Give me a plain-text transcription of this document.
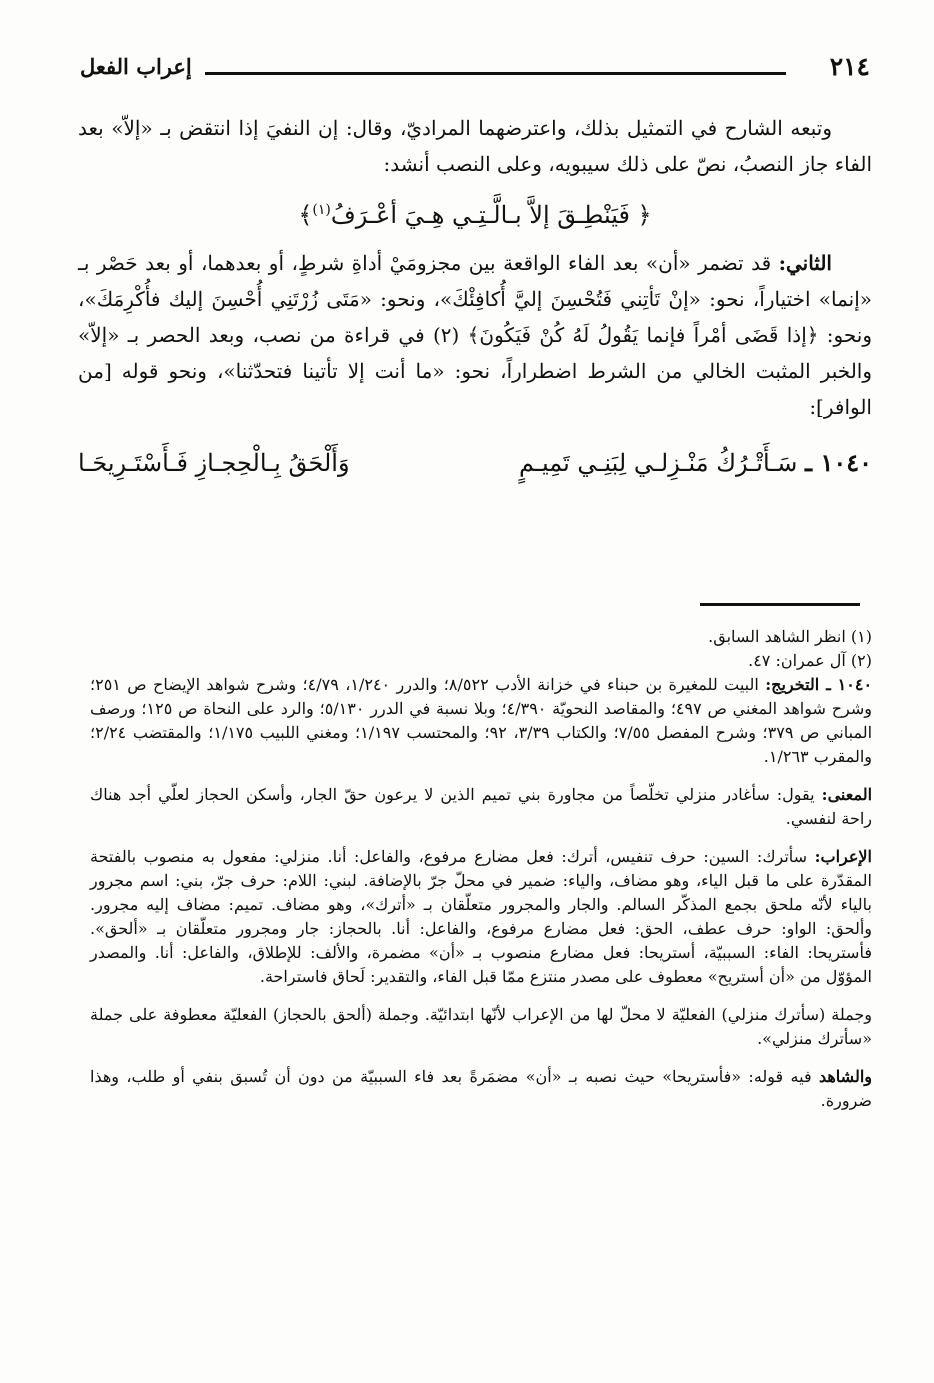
إعراب الفعل	٢١٤

وتبعه الشارح في التمثيل بذلك، واعترضهما المراديّ، وقال: إن النفيَ إذا انتقض بـ «إلاّ» بعد الفاء جاز النصبُ، نصّ على ذلك سيبويه، وعلى النصب أنشد:

﴿ فَيَنْطِـقَ إلاَّ بـالَّـتِـي هِـيَ أعْـرَفُ$^{(١)}$﴾

الثاني: قد تضمر «أن» بعد الفاء الواقعة بين مجزومَيْ أداةِ شرطٍ، أو بعدهما، أو بعد حَصْر بـ «إنما» اختياراً، نحو: «إنْ تَأتِني فَتُحْسِنَ إليَّ أُكافِئْكَ»، ونحو: «مَتَى زُرْتَنِي أُحْسِنَ إليك فأُكْرِمَكَ»، ونحو: ﴿إذا قَضَى أمْراً فإنما يَقُولُ لَهُ كُنْ فَيَكُونَ﴾ (٢) في قراءة من نصب، وبعد الحصر بـ «إلاّ» والخبر المثبت الخالي من الشرط اضطراراً، نحو: «ما أنت إلا تأتينا فتحدّثنا»، ونحو قوله [من الوافر]:

١٠٤٠ ـ سَـأَتْـرُكُ مَنْـزِلـي لِبَنِـي تَمِيـمٍ
وَأَلْحَقُ بِـالْحِجـازِ فَـأَسْتَـرِيحَـا

(١) انظر الشاهد السابق.

(٢) آل عمران: ٤٧.

١٠٤٠ ـ التخريج: البيت للمغيرة بن حبناء في خزانة الأدب ٨/٥٢٢؛ والدرر ١/٢٤٠، ٤/٧٩؛ وشرح شواهد الإيضاح ص ٢٥١؛ وشرح شواهد المغني ص ٤٩٧؛ والمقاصد النحويّة ٤/٣٩٠؛ وبلا نسبة في الدرر ٥/١٣٠؛ والرد على النحاة ص ١٢٥؛ ورصف المباني ص ٣٧٩؛ وشرح المفصل ٧/٥٥؛ والكتاب ٣/٣٩، ٩٢؛ والمحتسب ١/١٩٧؛ ومغني اللبيب ١/١٧٥؛ والمقتضب ٢/٢٤؛ والمقرب ١/٢٦٣.

المعنى: يقول: سأغادر منزلي تخلّصاً من مجاورة بني تميم الذين لا يرعون حقّ الجار، وأسكن الحجاز لعلّي أجد هناك راحة لنفسي.

الإعراب: سأترك: السين: حرف تنفيس، أترك: فعل مضارع مرفوع، والفاعل: أنا. منزلي: مفعول به منصوب بالفتحة المقدّرة على ما قبل الياء، وهو مضاف، والياء: ضمير في محلّ جرّ بالإضافة. لبني: اللام: حرف جرّ، بني: اسم مجرور بالياء لأنّه ملحق بجمع المذكّر السالم. والجار والمجرور متعلّقان بـ «أترك»، وهو مضاف. تميم: مضاف إليه مجرور. وألحق: الواو: حرف عطف، الحق: فعل مضارع مرفوع، والفاعل: أنا. بالحجاز: جار ومجرور متعلّقان بـ «ألحق». فأستريحا: الفاء: السببيّة، أستريحا: فعل مضارع منصوب بـ «أن» مضمرة، والألف: للإطلاق، والفاعل: أنا. والمصدر المؤوّل من «أن أستريح» معطوف على مصدر منتزع ممّا قبل الفاء، والتقدير: لَحاق فاستراحة.

وجملة (سأترك منزلي) الفعليّة لا محلّ لها من الإعراب لأنّها ابتدائيّة. وجملة (ألحق بالحجاز) الفعليّة معطوفة على جملة «سأترك منزلي».

والشاهد فيه قوله: «فأستريحا» حيث نصبه بـ «أن» مضمَرةً بعد فاء السببيّة من دون أن تُسبق بنفي أو طلب، وهذا ضرورة.
